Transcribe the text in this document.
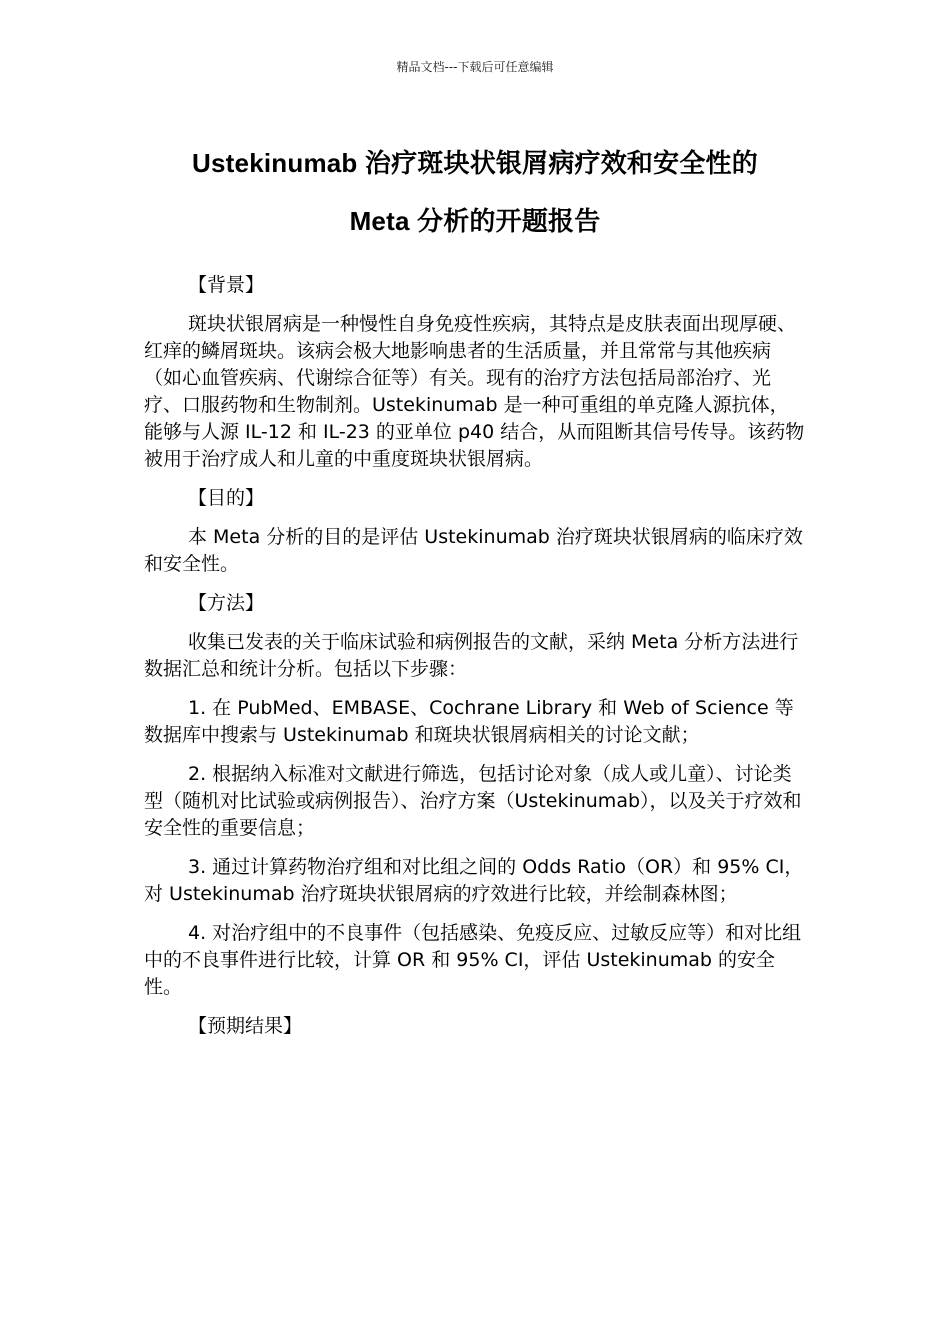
精品文档---下载后可任意编辑
Ustekinumab 治疗斑块状银屑病疗效和安全性的
Meta 分析的开题报告
【背景】

斑块状银屑病是一种慢性自身免疫性疾病，其特点是皮肤表面出现厚硬、红痒的鳞屑斑块。该病会极大地影响患者的生活质量，并且常常与其他疾病（如心血管疾病、代谢综合征等）有关。现有的治疗方法包括局部治疗、光疗、口服药物和生物制剂。Ustekinumab 是一种可重组的单克隆人源抗体，能够与人源 IL-12 和 IL-23 的亚单位 p40 结合，从而阻断其信号传导。该药物被用于治疗成人和儿童的中重度斑块状银屑病。

【目的】

本 Meta 分析的目的是评估 Ustekinumab 治疗斑块状银屑病的临床疗效和安全性。

【方法】

收集已发表的关于临床试验和病例报告的文献，采纳 Meta 分析方法进行数据汇总和统计分析。包括以下步骤：

1. 在 PubMed、EMBASE、Cochrane Library 和 Web of Science 等数据库中搜索与 Ustekinumab 和斑块状银屑病相关的讨论文献；

2. 根据纳入标准对文献进行筛选，包括讨论对象（成人或儿童）、讨论类型（随机对比试验或病例报告）、治疗方案（Ustekinumab），以及关于疗效和安全性的重要信息；

3. 通过计算药物治疗组和对比组之间的 Odds Ratio（OR）和 95% CI，对 Ustekinumab 治疗斑块状银屑病的疗效进行比较，并绘制森林图；

4. 对治疗组中的不良事件（包括感染、免疫反应、过敏反应等）和对比组中的不良事件进行比较，计算 OR 和 95% CI，评估 Ustekinumab 的安全性。

【预期结果】
